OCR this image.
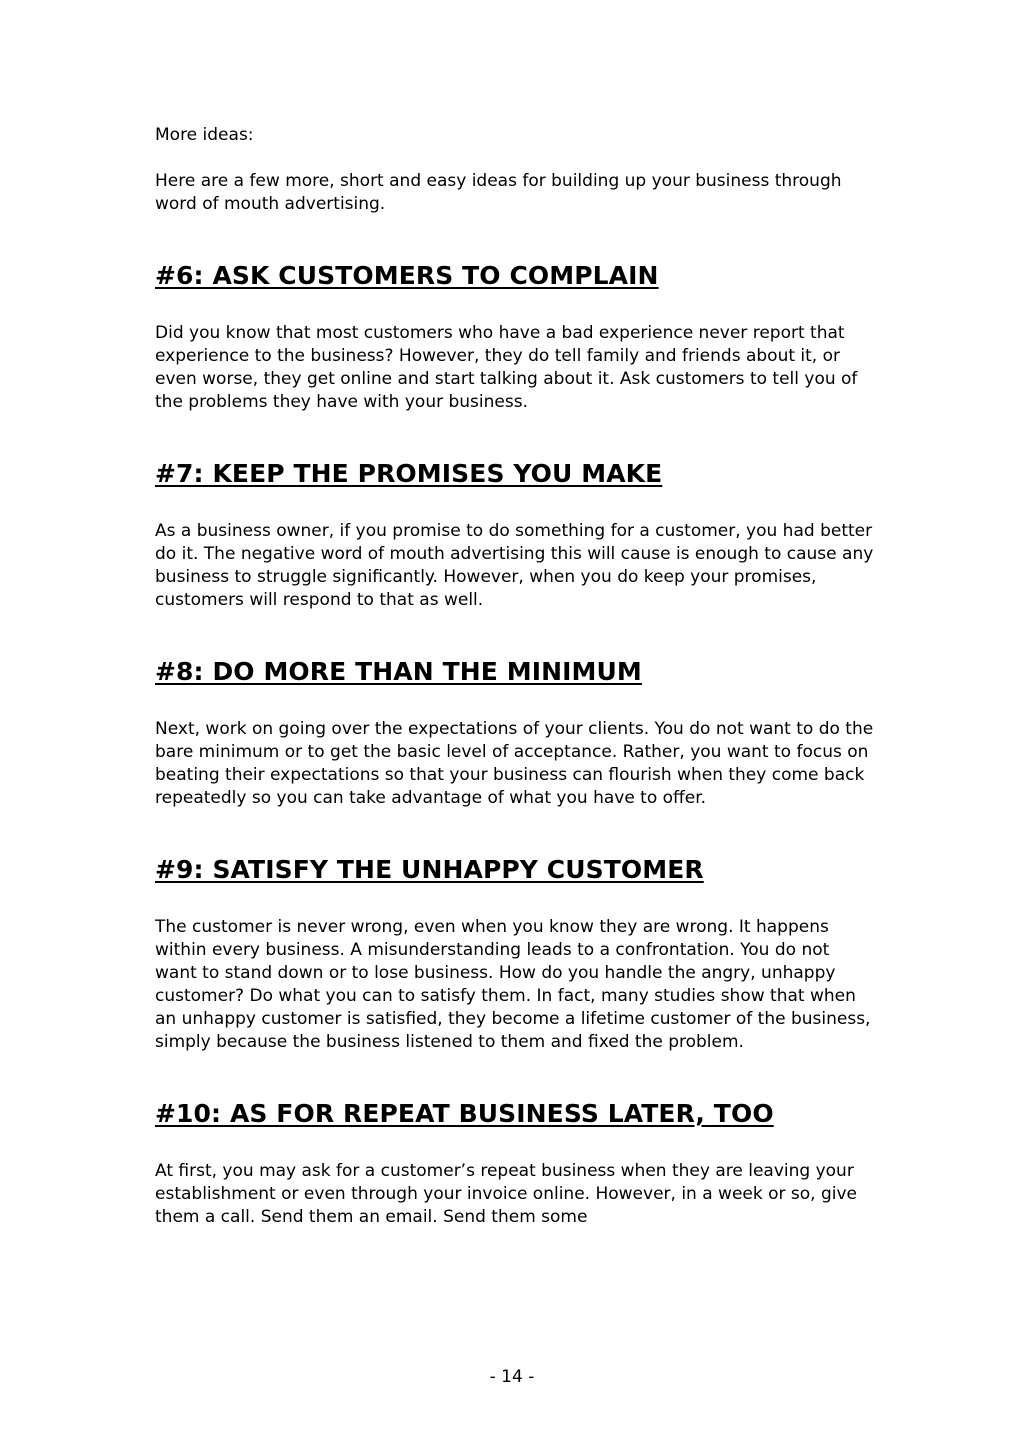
More ideas:

Here are a few more, short and easy ideas for building up your business through word of mouth advertising.

#6: ASK CUSTOMERS TO COMPLAIN

Did you know that most customers who have a bad experience never report that experience to the business? However, they do tell family and friends about it, or even worse, they get online and start talking about it. Ask customers to tell you of the problems they have with your business.

#7: KEEP THE PROMISES YOU MAKE

As a business owner, if you promise to do something for a customer, you had better do it. The negative word of mouth advertising this will cause is enough to cause any business to struggle significantly. However, when you do keep your promises, customers will respond to that as well.

#8: DO MORE THAN THE MINIMUM

Next, work on going over the expectations of your clients. You do not want to do the bare minimum or to get the basic level of acceptance. Rather, you want to focus on beating their expectations so that your business can flourish when they come back repeatedly so you can take advantage of what you have to offer.

#9: SATISFY THE UNHAPPY CUSTOMER

The customer is never wrong, even when you know they are wrong. It happens within every business. A misunderstanding leads to a confrontation. You do not want to stand down or to lose business. How do you handle the angry, unhappy customer? Do what you can to satisfy them. In fact, many studies show that when an unhappy customer is satisfied, they become a lifetime customer of the business, simply because the business listened to them and fixed the problem.

#10: AS FOR REPEAT BUSINESS LATER, TOO

At first, you may ask for a customer’s repeat business when they are leaving your establishment or even through your invoice online. However, in a week or so, give them a call. Send them an email. Send them some

- 14 -
